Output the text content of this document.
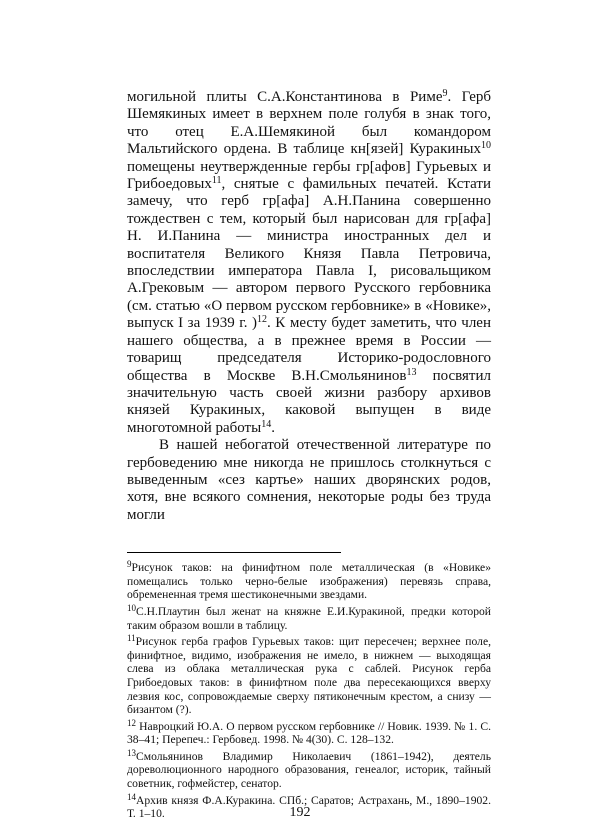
могильной плиты С.А.Константинова в Риме$^9$. Герб Шемякиных имеет в верхнем поле голубя в знак того, что отец Е.А.Шемякиной был командором Мальтийского ордена. В таблице кн[язей] Куракиных$^{10}$ помещены неутвержденные гербы гр[афов] Гурьевых и Грибоедовых$^{11}$, снятые с фамильных печатей. Кстати замечу, что герб гр[афа] А.Н.Панина совершенно тождествен с тем, который был нарисован для гр[афа] Н. И.Панина — министра иностранных дел и воспитателя Великого Князя Павла Петровича, впоследствии императора Павла I, рисовальщиком А.Грековым — автором первого Русского гербовника (см. статью «О первом русском гербовнике» в «Новике», выпуск I за 1939 г. )$^{12}$. К месту будет заметить, что член нашего общества, а в прежнее время в России — товарищ председателя Историко-родословного общества в Москве В.Н.Смольянинов$^{13}$ посвятил значительную часть своей жизни разбору архивов князей Куракиных, каковой выпущен в виде многотомной работы$^{14}$.

В нашей небогатой отечественной литературе по гербоведению мне никогда не пришлось столкнуться с выведенным «сез картье» наших дворянских родов, хотя, вне всякого сомнения, некоторые роды без труда могли

$^9$Рисунок таков: на финифтном поле металлическая (в «Новике» помещались только черно-белые изображения) перевязь справа, обремененная тремя шестиконечными звездами.
$^{10}$С.Н.Плаутин был женат на княжне Е.И.Куракиной, предки которой таким образом вошли в таблицу.
$^{11}$Рисунок герба графов Гурьевых таков: щит пересечен; верхнее поле, финифтное, видимо, изображения не имело, в нижнем — выходящая слева из облака металлическая рука с саблей. Рисунок герба Грибоедовых таков: в финифтном поле два пересекающихся вверху лезвия кос, сопровождаемые сверху пятиконечным крестом, а снизу — бизантом (?).
$^{12}$ Навроцкий Ю.А. О первом русском гербовнике // Новик. 1939. № 1. С. 38–41; Перепеч.: Гербовед. 1998. № 4(30). С. 128–132.
$^{13}$Смольянинов Владимир Николаевич (1861–1942), деятель дореволюционного народного образования, генеалог, историк, тайный советник, гофмейстер, сенатор.
$^{14}$Архив князя Ф.А.Куракина. СПб.; Саратов; Астрахань, М., 1890–1902. Т. 1–10.	192
